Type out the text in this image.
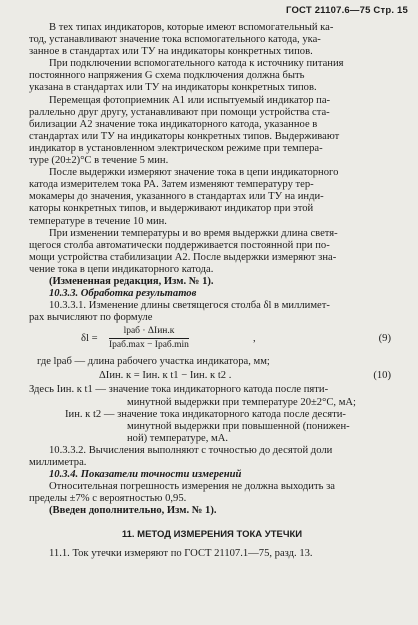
ГОСТ 21107.6—75 Стр. 15
В тех типах индикаторов, которые имеют вспомогательный ка-
тод, устанавливают значение тока вспомогательного катода, ука-
занное в стандартах или ТУ на индикаторы конкретных типов.
При подключении вспомогательного катода к источнику питания
постоянного напряжения G схема подключения должна быть
указана в стандартах или ТУ на индикаторы конкретных типов.
Перемещая фотоприемник A1 или испытуемый индикатор па-
раллельно друг другу, устанавливают при помощи устройства ста-
билизации A2 значение тока индикаторного катода, указанное в
стандартах или ТУ на индикаторы конкретных типов. Выдерживают
индикатор в установленном электрическом режиме при темпера-
туре (20±2)°С в течение 5 мин.
После выдержки измеряют значение тока в цепи индикаторного
катода измерителем тока PA. Затем изменяют температуру тер-
мокамеры до значения, указанного в стандартах или ТУ на инди-
каторы конкретных типов, и выдерживают индикатор при этой
температуре в течение 10 мин.
При изменении температуры и во время выдержки длина светя-
щегося столба автоматически поддерживается постоянной при по-
мощи устройства стабилизации A2. После выдержки измеряют зна-
чение тока в цепи индикаторного катода.
(Измененная редакция, Изм. № 1).
10.3.3. Обработка результатов
10.3.3.1. Изменение длины светящегося столба δl в миллимет-
рах вычисляют по формуле
δl =
lраб · ΔIин.к
Iраб.max − Iраб.min
,	(9)
где lраб — длина рабочего участка индикатора, мм;
ΔIин. к = Iин. к t1 − Iин. к t2 .	(10)
Здесь Iин. к t1 — значение тока индикаторного катода после пяти-
минутной выдержки при температуре 20±2°С, мА;
Iин. к t2 — значение тока индикаторного катода после десяти-
минутной выдержки при повышенной (понижен-
ной) температуре, мА.
10.3.3.2. Вычисления выполняют с точностью до десятой доли
миллиметра.
10.3.4. Показатели точности измерений
Относительная погрешность измерения не должна выходить за
пределы ±7% с вероятностью 0,95.
(Введен дополнительно, Изм. № 1).
11. МЕТОД ИЗМЕРЕНИЯ ТОКА УТЕЧКИ
11.1. Ток утечки измеряют по ГОСТ 21107.1—75, разд. 13.
